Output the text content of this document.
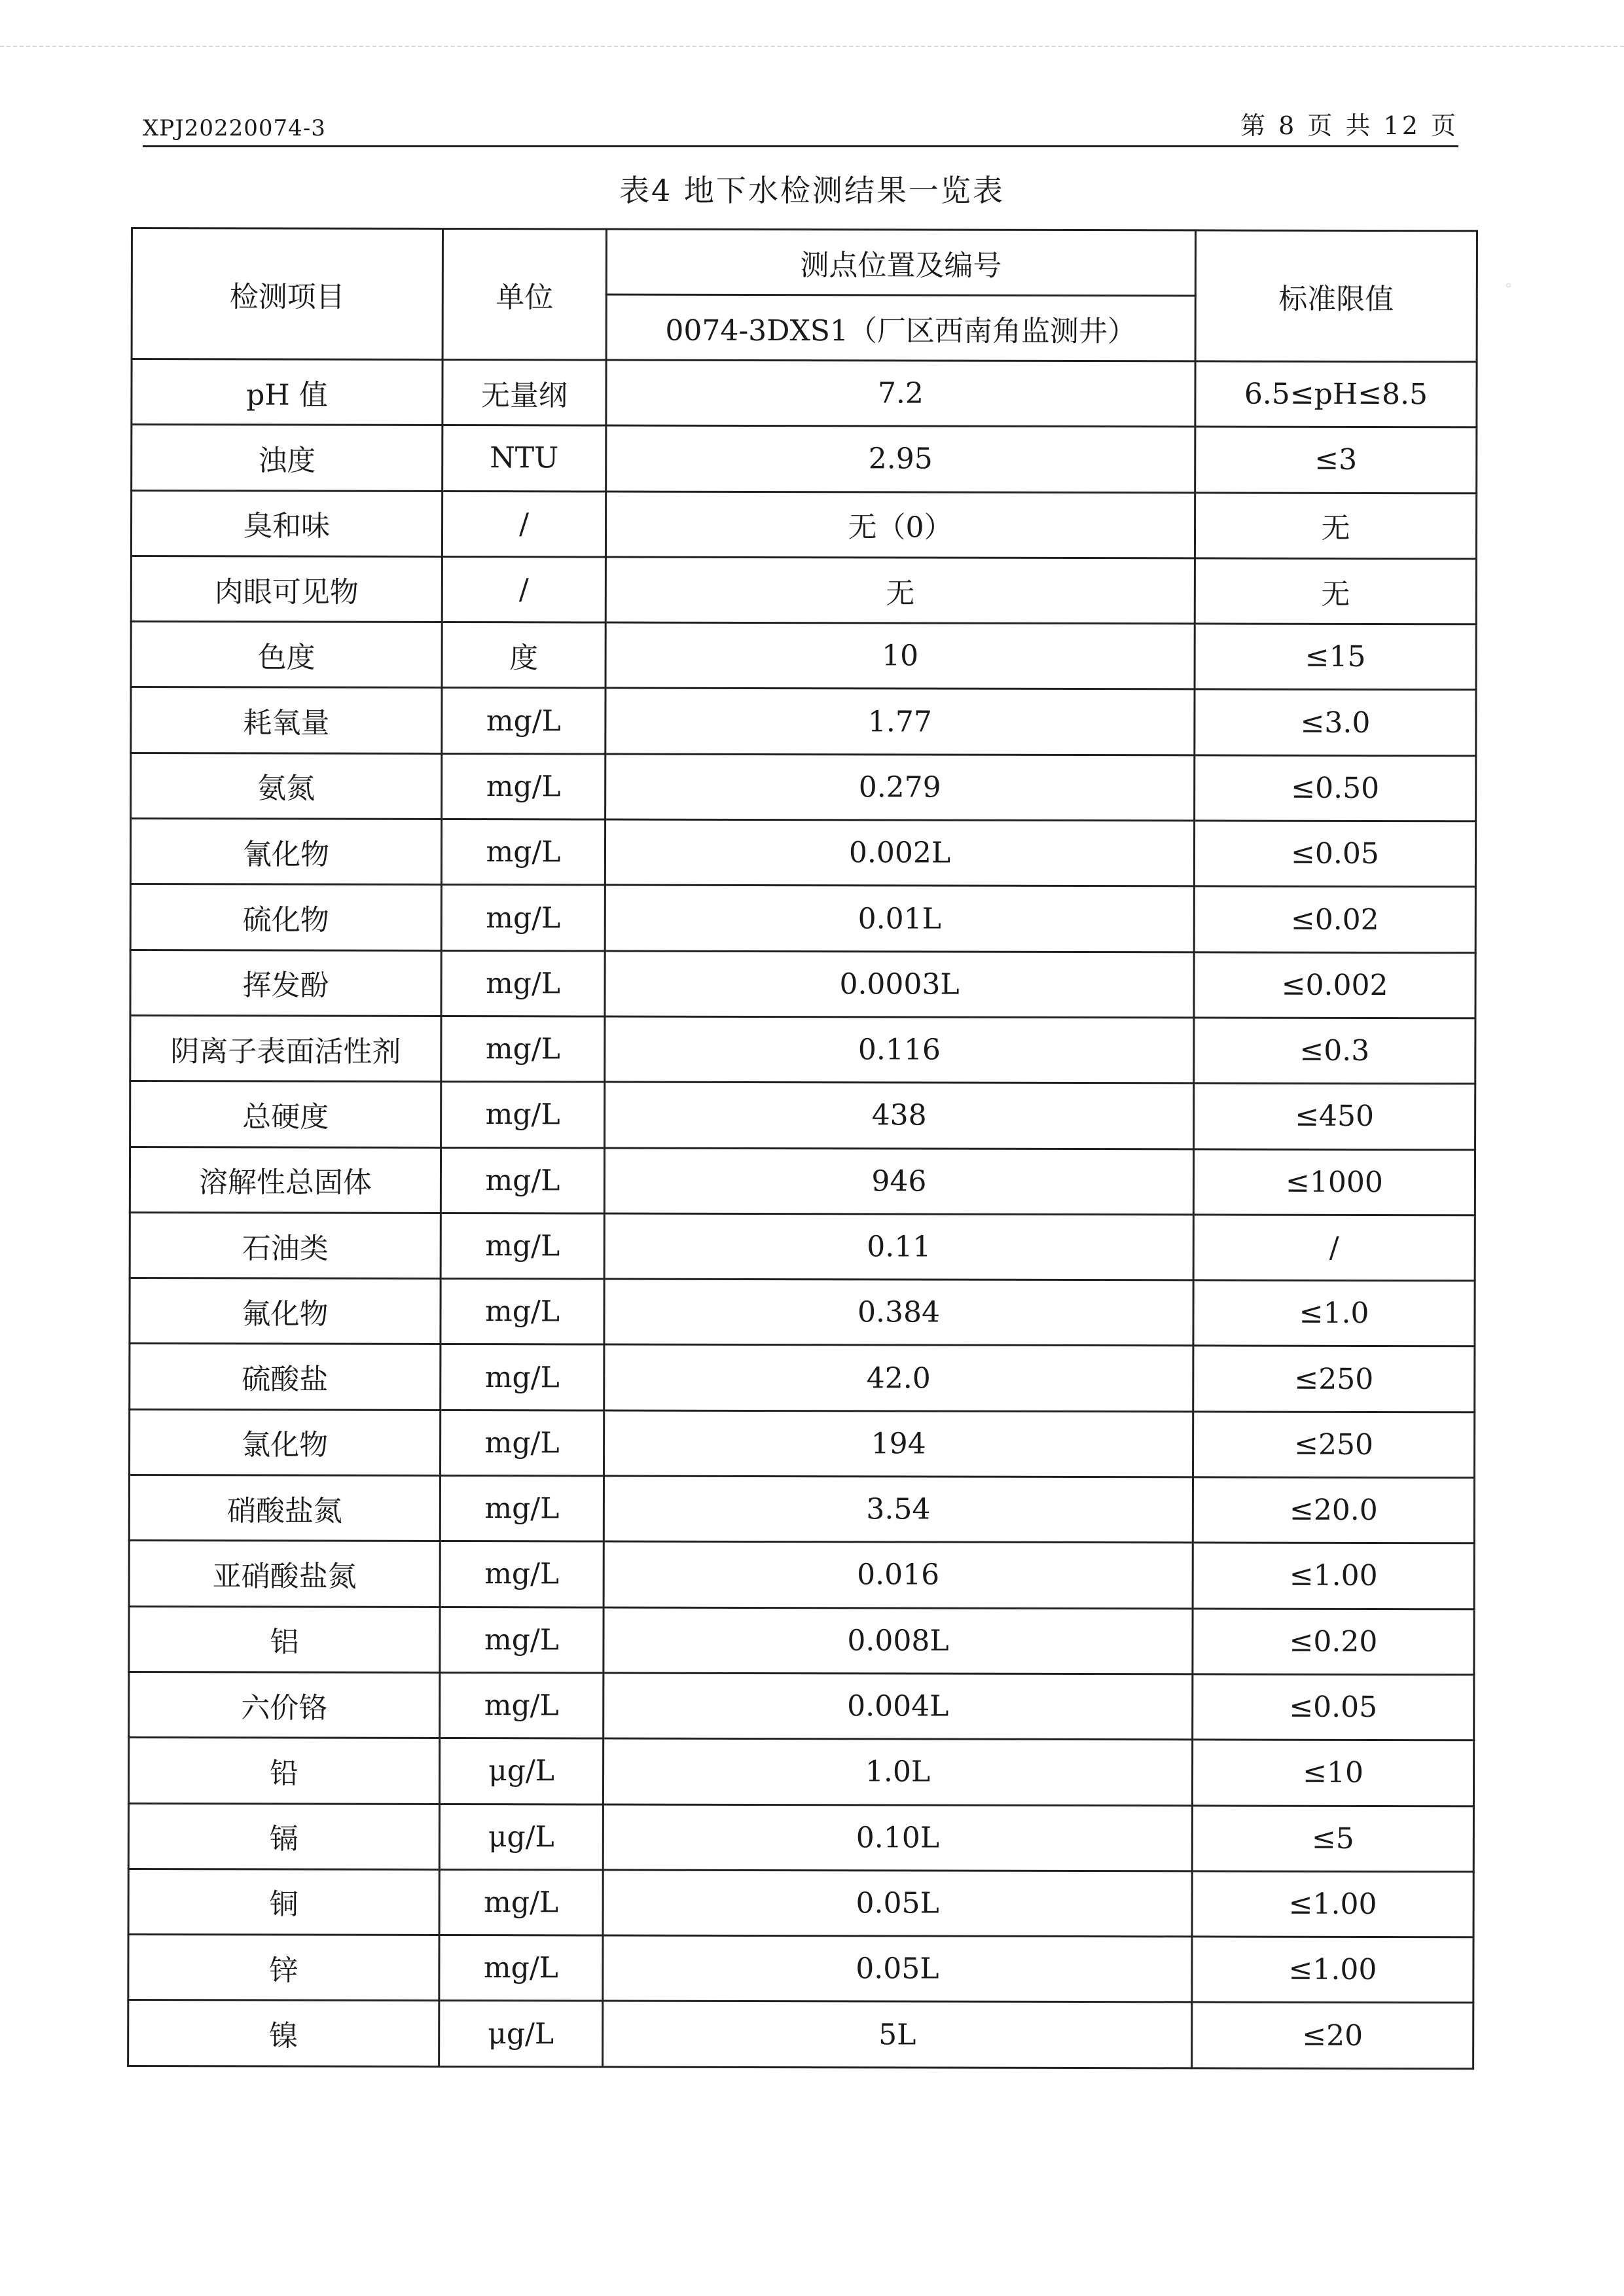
XPJ20220074-3	第 8 页 共 12 页
表4 地下水检测结果一览表
检测项目	单位	测点位置及编号	标准限值
		0074-3DXS1（厂区西南角监测井）	
pH 值	无量纲	7.2	6.5≤pH≤8.5
浊度	NTU	2.95	≤3
臭和味	/	无（0）	无
肉眼可见物	/	无	无
色度	度	10	≤15
耗氧量	mg/L	1.77	≤3.0
氨氮	mg/L	0.279	≤0.50
氰化物	mg/L	0.002L	≤0.05
硫化物	mg/L	0.01L	≤0.02
挥发酚	mg/L	0.0003L	≤0.002
阴离子表面活性剂	mg/L	0.116	≤0.3
总硬度	mg/L	438	≤450
溶解性总固体	mg/L	946	≤1000
石油类	mg/L	0.11	/
氟化物	mg/L	0.384	≤1.0
硫酸盐	mg/L	42.0	≤250
氯化物	mg/L	194	≤250
硝酸盐氮	mg/L	3.54	≤20.0
亚硝酸盐氮	mg/L	0.016	≤1.00
铝	mg/L	0.008L	≤0.20
六价铬	mg/L	0.004L	≤0.05
铅	μg/L	1.0L	≤10
镉	μg/L	0.10L	≤5
铜	mg/L	0.05L	≤1.00
锌	mg/L	0.05L	≤1.00
镍	μg/L	5L	≤20
◦
